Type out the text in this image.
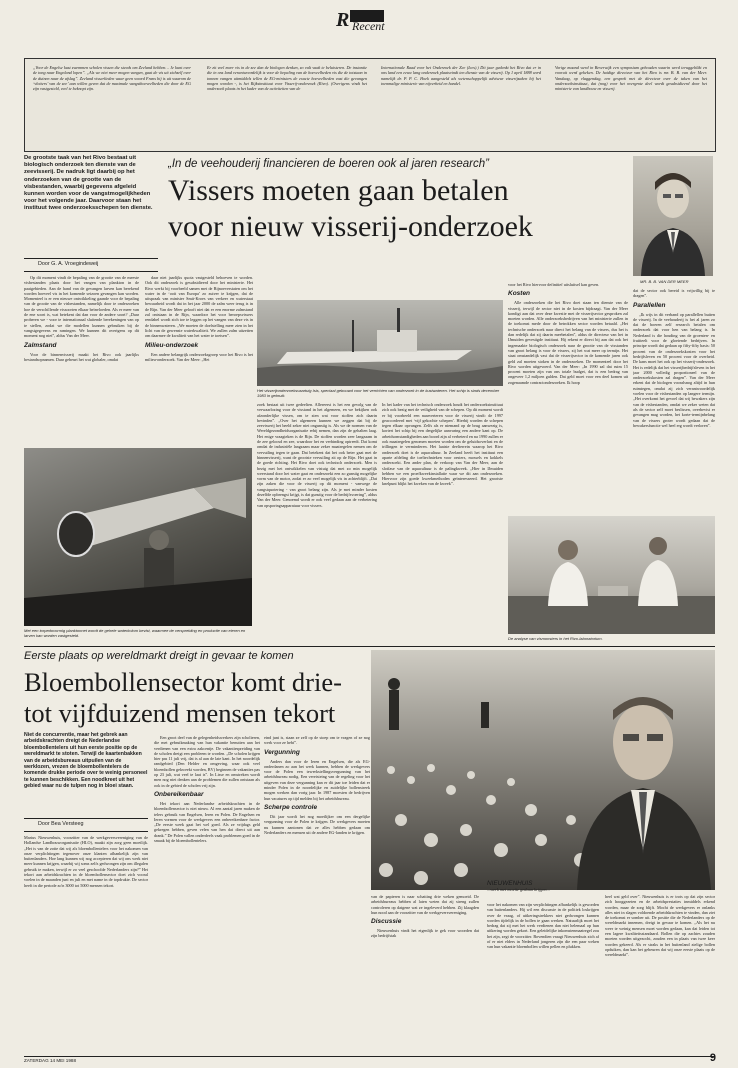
R Recent
„Voor de Engelse kust zwemmen scholen vissen die steeds om Zeeland hebben… Je kunt over de tong naar Engeland lopen”. „Als we niet meer mogen vangen, gaat de vis uit zichzelf over de duinen naar de afslag”. Zeeland visserlieden waar geen woord Frans bij is uit waarom de ‘vlotters’ van de zee’ aan willen geven dat de maximale vangsthoeveelheden die door de EG zijn vastgesteld, veel te beknopt zijn.
Er zit veel meer vis in de zee dan de biologen denken, zo valt vaak te beluisteren. De instantie die in ons land verantwoordelijk is voor de bepaling van de hoeveelheden vis die de totstaan in tonnen vangen uitmiddels tellen de EG-ministers de exacte hoeveelheden vast die gevangen mogen worden -, is het Rijksinstituut voor Visserij-onderzoek (Rivo). (Overigens vindt het onderzoek plaats in het kader van de activiteiten van de
Internationale Raad voor het Onderzoek der Zee (Ices).) Dit jaar gedenkt het Rivo dat er in ons land een eeuw lang onderzoek plaatsvindt ten dienste van de visserij. Op 1 april 1888 werd namelijk dr. P. P. C. Hoek aangesteld als wetenschappelijk adviseur visserijzaken bij het toenmalige ministerie van nijverheid en handel.
Vorige maand werd in Beverwijk een symposium gehouden waarin werd teruggeblikt en vooruit werd gekeken. De huidige directeur van het Rivo is mr. B. B. van der Meer. Vandaag, op vlaggendag, een gesprek met de directeur over de taken van het onderzoeksinstituut, dat (nog) voor het overgrote deel wordt gesubsidieerd door het ministerie van landbouw en visserij.
De grootste taak van het Rivo bestaat uit biologisch onderzoek ten dienste van de zeevisserij. De nadruk ligt daarbij op het onderzoeken van de grootte van de visbestanden, waarbij gegevens afgeleid kunnen worden voor de vangstmogelijkheden voor het volgende jaar. Daarvoor staan het instituut twee onderzoeksschepen ten dienste.
Door G. A. Vroegindeweij
„In de veehouderij financieren de boeren ook al jaren research”
Vissers moeten gaan betalen
voor nieuw visserij-onderzoek
MR. B. B. VAN DER MEER

Op dit moment vindt de bepaling van de grootte van de meeste visbestanden plaats door het vangen van plankton in de paaigebieden. Aan de hand van de gevangen larven kan berekend worden hoeveel vis in het komende seizoen gevangen kan worden. Momenteel is er een nieuwe ontwikkeling gaande voor de bepaling van de grootte van de visbestanden, namelijk door te onderzoeken hoe de verschillende vissoorten elkaar beïnvloeden. Als er meer van de ene soort is, wat betekent dat dan voor de andere soort? „Daar proberen we - voor te internationaal sluitende berekeningen van op te stellen, zodat we die modellen kunnen gebruiken bij de vangstgegevens en ramingen. We kunnen dit overigens op dit moment nog niet”, aldus Van der Meer.

Zalmstand

Voor de binnenvisserij maakt het Rivo ook jaarlijks bestandsopnamen. Daar gebeurt het wat globaler, omdat

daar niet jaarlijks quota vastgesteld behoeven te worden. Ook dit onderzoek is gesubsidieerd door het ministerie. Het Rivo werkt bij voorbeeld samen met de Rijnoeverstaten om het water in de ‘ooit van Europa’ zo zuiver te krijgen, dat de uitspraak van minister Smit-Kroes van verkeer en waterstaat bewaarheid wordt dat in het jaar 2000 de zalm weer terug is in de Rijn. Van der Meer gelooft niet dat er een enorme zalmstand zal ontstaan in de Rijn, waardoor het voor beroepsvissers rendabel wordt zich toe te leggen op het vangen van deze vis in de binnenwateren. „We moeten de doelstelling meer zien in het licht van de gewenste waterkwaliteit. We zullen zalm uitzetten om daarmee de kwaliteit van het water te toetsen”.

Milieu-onderzoek

Een andere belangrijk onderzoeksgroep voor het Rivo is het milieu-onderzoek. Van der Meer: „Het

Het visserijonderzoeksvaartuig Isis, speciaal gebouwd voor het verrichten van onderzoek in de kustwateren. Het schip is sinds december 1983 in gebruik.
zoek bestaat uit twee gedeelten. Allereerst is het een gevolg van de verwaarlozing voor de visstand in het algemeen, en we bekijken ook afzonderlijke vissen, om te zien wat voor stoffen zich daarin bevinden”. „Over het algemeen kunnen we zeggen dat bij de zeevisserij het beeld zeker niet ongunstig is. Als we de normen van de Wereldgezondheidsorganisatie erbij nemen, dan zijn de gehalten laag. Het enige vraagteken is de Rijn. De stoffen worden zeer langzaam in de zee geloosd en zee, waardoor het en verbinding optreedt. Dat komt omdat de industriële langzaam maar zeker maatregelen nemen om de vervuiling tegen te gaan. Dat betekent dat het ook beter gaat met de binnenvisserij, want de grootste vervuiling zit op de Rijn. Het gaat in de goede richting. Het Rivo doet ook technisch onderzoek. Men is bezig met het ontwikkelen van vistuig dat met zo min mogelijk weerstand door het water gaat en onderzoekt een zo gunstig mogelijke vorm van de motor, zodat er zo veel mogelijk vis in achterblijft. „Dat zijn zaken die voor de visserij op dit moment - vanwege de vangstquotering - van groot belang zijn. Als je met minder kosten dezelfde opbrengst krijgt, is dat gunstig voor de bedrijfsvoering”, aldus Van der Meer. Genoemd wordt er ook veel gedaan aan de verbetering van opsporingsapparatuur voor vissers.
In het kader van het technisch onderzoek houdt het onderzoeksinstituut zich ook bezig met de veiligheid van de schepen. Op dit moment wordt er bij voorbeeld een naarverteren voor de visserij vindt: de 1997 geaccordeerd met ‘vijf gekochte schepen’. Hierbij worden de schepen tegen elkaar opvangen. Zelfs als er niemand op de brug aanwezig is, kortert het schip bij een dergelijke aanvaring een andere kant op. De arbeidsomstandigheden aan boord zijn al verbeterd en na 1990 zullen er ook maatregelen genomen moeten worden om de geluidsoverlast en de trillingen te verminderen. Het laatste deelterrein waarop het Rivo onderzoek doet is de aquacultuur. In Zeeland heeft het instituut een aparte afdeling die toeltechnieken voor oesters, mossels en kokkels onderzoekt. Een ander plan, de verkoop van Van der Meer, aan de slotfase van de aquacultuur is de palingkweek. „Hier in IJmuiden hebben we een proefkweekinstallatie waar we dit aan onderzoeken. Hiervoor zijn goede kweekmethoden geïnteresseerd. Het grootste knelpunt blijkt het kweken van de kweek”.

voor het Rivo hiervoor definitief uitsluitsel kan geven.

Kosten

Alle onderzoeken die het Rivo doet staan ten dienste van de visserij, terwijl de sector niet in de kosten bijdraagt. Van der Meer kondigt aan dat over deze kwestie met de visserijsector gesproken zal moeten worden. Alle onderzoeksbedrijven van het ministerie zullen in de toekomst mede door de betrokken sector worden betaald. „Het technische onderzoek naar direct het belang van de vissers, dus het is dan redelijk dat zij daarin meebetalen”, aldus de directeur van het in IJmuiden gevestigde instituut. Hij rekent er direct bij aan dat ook het ingemaakte biologisch onderzoek naar de grootte van de visstanden van groot belang is voor de vissers, zij het wat meer op termijn. Het staat omstandelijk vast dat de visserijsector in de komende jaren ook geld zal moeten stoken in de onderzoeken. De momenteel door het Rivo worden uitgevoerd. Van der Meer: „In 1990 zal dat ruim 15 procent moeten zijn van ons totale budget, dat is een bedrag van ongeveer 1,2 miljoen gulden. Dat geld moet voor een deel komen uit zogenaamde contractonderzoeken. Ik hoop

dat de sector ook bereid is vrijwillig bij te dragen”.

Parallellen

„Ik wijs in dit verband op parallellen buiten de visserij. In de veehouderij is het al jaren zo dat de boeren zelf research betalen om onderzoek dat voor hen van belang is. In Nederland is die houding van de groenten- en fruitteelt voor de gloeiende bedrijven. In principe wordt dat gedaan op fifty-fifty basis: 50 procent van de onderzoekskosten voor het bedrijfsleven en 50 procent voor de overheid. De kans moet het ook op het visserij-onderzoek. Het is redelijk dat het visserijbedrijfsleven in het jaar 2000 volledig proportioneel van de onderzoekskosten zal dragen”. Van der Meer erkent dat de biologen vooralsnog altijd in hun ruimtegen, omdat zij zich verantwoordelijk voelen voor de visbestanden op langere termijn. „Het overkomt het gevoel dat wij bewakers zijn van de visbestanden, omdat we zeker weten dat als de sector zelf moet beslissen, overbevist er gevangen mag worden, het korte-termijnbelang van de vissers groter wordt gedaan dat de bewakersfunctie wel heel erg wordt verloren”.

Met een torpedovormig planktonnet wordt de gehele waterkolom bevist, waarmee de verspreiding en productie van eieren en larven kan worden vastgesteld.
De analyse van vismonsters in het Rivo-laboratorium.
Eerste plaats op wereldmarkt dreigt in gevaar te komen
Bloembollensector komt drie-
tot vijfduizend mensen tekort
Niet de concurrentie, maar het gebrek aan arbeidskrachten dreigt de Nederlandse bloembollentelers uit hun eerste positie op de wereldmarkt te stoten. Terwijl de kaartenbakken van de arbeidsbureaus uitpuilen van de werklozen, vrezen de bloembollentelers de komende drukke periode over te weinig personeel te kunnen beschikken. Een noodkreet uit het gebied waar nu de tulpen nog in bloei staan.
Door Bea Versteeg
Marius Nieuwenhuis, voorzitter van de werkgeversvereniging van de Hollandse Landbouworganisatie (HLO), maakt zijn zorg geen moeilijk. „Het is van de zotte dat wij als bloembollentelers voor het nakomen van onze verplichtingen tegenover onze klanten afhankelijk zijn van buitenlanders. Hoe lang kunnen wij nog accepteren dat wij ons werk niet meer kunnen krijgen, waarbij wij soms zelfs gedwongen zijn om illegalen gebruik te maken, terwijl er zo veel geschoolde Nederlanders zijn?” Het tekort aan arbeidskrachten in de bloembollensector doet zich vooral voelen in de maanden juni en juli en met name in de topdrukte. De sector heeft in die periode zo'n 3000 tot 5000 mensen tekort.

Een groot deel van de gelegenheidswerkers zijn scholieren, die met gebruikmaking van hun vakantie benutten aan het verdienen van een extra zakcentje. De vakantiespreiding van de scholen dreigt een probleem te worden. „De scholen krijgen hier pas 11 juli vrij, dat is al aan de late kant. In het noordelijk randgebied (Den Helder en omgeving, waar ook veel bloembollen gekweekt worden, BV) beginnen de vakanties pas op 23 juli, wat veel te laat is”. In Lisse en omstreken wordt men nog niet denken aan de problemen die zullen ontstaan als ook in de gebied de scholen vrij zijn.

Onbereikenbaar

Het tekort aan Nederlandse arbeidskrachten in de bloembollensector is niet nieuw. Al een aantal jaren maken de telers gebruik van Engelsen, Ieren en Polen. De Engelsen en Ieren vormen voor de werkgevers een onbereikenbare factor. „De eerste week gaat het wel goed. Als ze vrijdags geld gekregen hebben, geven velen van hen dat direct uit aan drank.” De Polen vallen onderdeels vaak problemen goed in de smaak bij de bloembollentelers.

eind juni is, staan ze zelf op de stoep om te vragen of ze nog werk voor ze hebt”.

Vergunning

Anders dan voor de Ieren en Engelsen, die als EG-onderdanen zo aan het werk kunnen, hebben de werkgevers voor de Polen een tewerkstellingsvergunning van het arbeidsbureau nodig. Een vereisteing van de regeling voor het uitgeven van deze vergunning kan er dit jaar toe leiden dat er minder Polen in de noordelijke en zuidelijke bollenstreek mogen werken dan vorig jaar. In 1987 moesten de bedrijven hun vacatures op tijd melden bij het arbeidsbureau.

Scherpe controle

Dit jaar wordt het nog moeilijker om een dergelijke vergunning voor de Polen te krijgen. De werkgevers moeten nu kunnen aantonen dat ze alles hebben gedaan om Nederlanders en mensen uit de andere EG-landen te krijgen.

van de papieren is naar schatting drie weken gemoeid. De arbeidsbureaus hebben al laten weten dat zij streng zullen controleren op datgene wat ze ingeleverd hebben. Zij klaagden hun nood aan de voorzitter van de werkgeversvereniging.

Discussie

Nieuwenhuis vindt het eigenlijk te gek voor woorden dat zijn bedrijfstak

NIEUWENHUIS
...werk met moeite gedaan krijgen...
voor het nakomen van zijn verplichtingen afhankelijk is geworden van buitenlanders. Hij wil een discussie in de politiek loskrijgen over de vraag, of uitkeringstrekkers niet gedwongen kunnen worden tijdelijk in de bollen te gaan werken. Natuurlijk moet het bedrag dat zij met het werk verdienen dan niet helemaal op hun uitkering worden gekort. Een geleidelijke inkomstenmaatregel zou het zijn, zegt de voorzitter. Bovendien vraagt Nieuwenhuis zich af of er niet elders in Nederland jongeren zijn die een paar weken van hun vakantie bloembollen willen pellen en plukken.
heel wat geld over”. Nieuwenhuis is er trots op dat zijn sector zich hooggezeten en de arbeidsprestaties inmiddels erkend worden, maar de zorg blijft. Mocht de werkgevers er onlanks alles niet in slagen voldoende arbeidskrachten te vinden, dan ziet de toekomst er somber uit. De positie die de Nederlanders op de wereldmarkt innemen, dreigt in gevaar te komen. „Als het nu weer te weinig mensen moet worden gedaan, kan dat leiden tot een lagere kwaliteitsstandaard. Bollen die op zachtes zouden moeten worden uitgezocht, zouden een in plaats van twee keer worden gekeerd. Als er straks in het buitenland zielige bollen opduiken, dan kan het gebeuren dat wij onze eerste plaats op de wereldmarkt”.
ZATERDAG 14 MEI 1988	9
